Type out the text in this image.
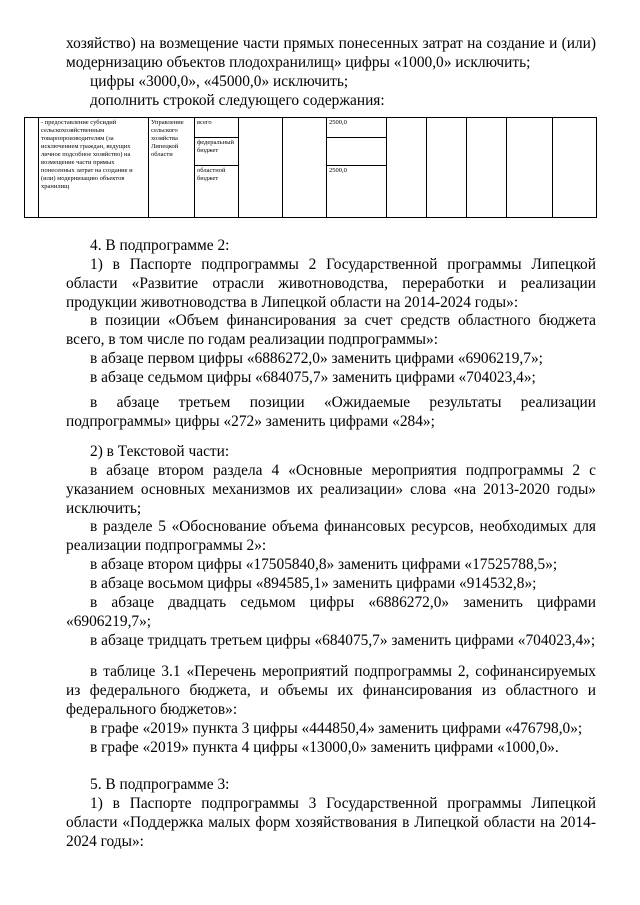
хозяйство) на возмещение части прямых понесенных затрат на создание и (или) модернизацию объектов плодохранилищ» цифры «1000,0» исключить;

цифры «3000,0», «45000,0» исключить;

дополнить строкой следующего содержания:

	- предоставление субсидий сельскохозяйственным товаропроизводителям (за исключением граждан, ведущих личное подсобное хозяйство) на возмещение части прямых понесенных затрат на создание и (или) модернизацию объектов хранилищ	Управление сельского хозяйства Липецкой области	всего			2500,0					
			федеральный бюджет								
			областной бюджет			2500,0					

4. В подпрограмме 2:

1) в Паспорте подпрограммы 2 Государственной программы Липецкой области «Развитие отрасли животноводства, переработки и реализации продукции животноводства в Липецкой области на 2014-2024 годы»:

в позиции «Объем финансирования за счет средств областного бюджета всего, в том числе по годам реализации подпрограммы»:

в абзаце первом цифры «6886272,0» заменить цифрами «6906219,7»;

в абзаце седьмом цифры «684075,7» заменить цифрами «704023,4»;

в абзаце третьем позиции «Ожидаемые результаты реализации подпрограммы» цифры «272» заменить цифрами «284»;

2) в Текстовой части:

в абзаце втором раздела 4 «Основные мероприятия подпрограммы 2 с указанием основных механизмов их реализации» слова «на 2013-2020 годы» исключить;

в разделе 5 «Обоснование объема финансовых ресурсов, необходимых для реализации подпрограммы 2»:

в абзаце втором цифры «17505840,8» заменить цифрами «17525788,5»;

в абзаце восьмом цифры «894585,1» заменить цифрами «914532,8»;

в абзаце двадцать седьмом цифры «6886272,0» заменить цифрами «6906219,7»;

в абзаце тридцать третьем цифры «684075,7» заменить цифрами «704023,4»;

в таблице 3.1 «Перечень мероприятий подпрограммы 2, софинансируемых из федерального бюджета, и объемы их финансирования из областного и федерального бюджетов»:

в графе «2019» пункта 3 цифры «444850,4» заменить цифрами «476798,0»;

в графе «2019» пункта 4 цифры «13000,0» заменить цифрами «1000,0».

5. В подпрограмме 3:

1) в Паспорте подпрограммы 3 Государственной программы Липецкой области «Поддержка малых форм хозяйствования в Липецкой области на 2014-2024 годы»:
